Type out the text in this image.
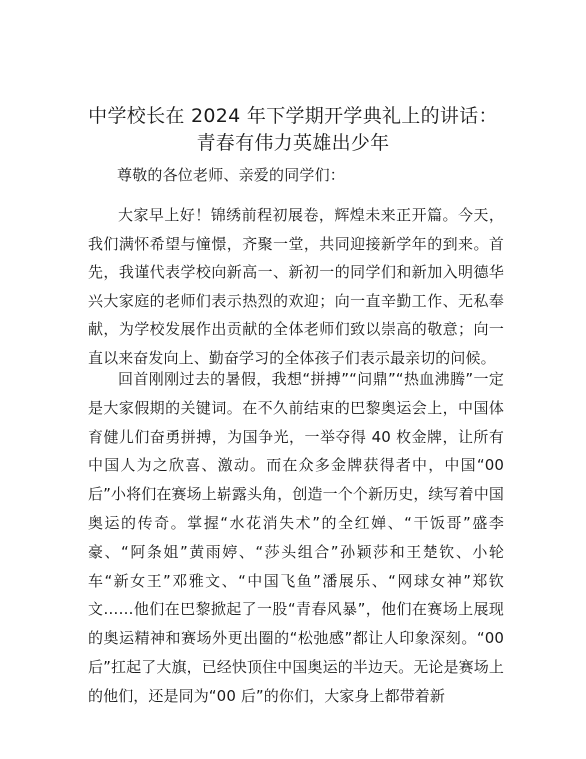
中学校长在 2024 年下学期开学典礼上的讲话：
青春有伟力英雄出少年
尊敬的各位老师、亲爱的同学们：

大家早上好！锦绣前程初展卷，辉煌未来正开篇。今天，我们满怀希望与憧憬，齐聚一堂，共同迎接新学年的到来。首先，我谨代表学校向新高一、新初一的同学们和新加入明德华兴大家庭的老师们表示热烈的欢迎；向一直辛勤工作、无私奉献，为学校发展作出贡献的全体老师们致以崇高的敬意；向一直以来奋发向上、勤奋学习的全体孩子们表示最亲切的问候。

回首刚刚过去的暑假，我想“拼搏”“问鼎”“热血沸腾”一定是大家假期的关键词。在不久前结束的巴黎奥运会上，中国体育健儿们奋勇拼搏，为国争光，一举夺得 40 枚金牌，让所有中国人为之欣喜、激动。而在众多金牌获得者中，中国“00后”小将们在赛场上崭露头角，创造一个个新历史，续写着中国奥运的传奇。掌握“水花消失术”的全红婵、“干饭哥”盛李豪、“阿条姐”黄雨婷、“莎头组合”孙颖莎和王楚钦、小轮车“新女王”邓雅文、“中国飞鱼”潘展乐、“网球女神”郑钦文……他们在巴黎掀起了一股“青春风暴”，他们在赛场上展现的奥运精神和赛场外更出圈的“松弛感”都让人印象深刻。“00 后”扛起了大旗，已经快顶住中国奥运的半边天。无论是赛场上的他们，还是同为“00 后”的你们，大家身上都带着新
